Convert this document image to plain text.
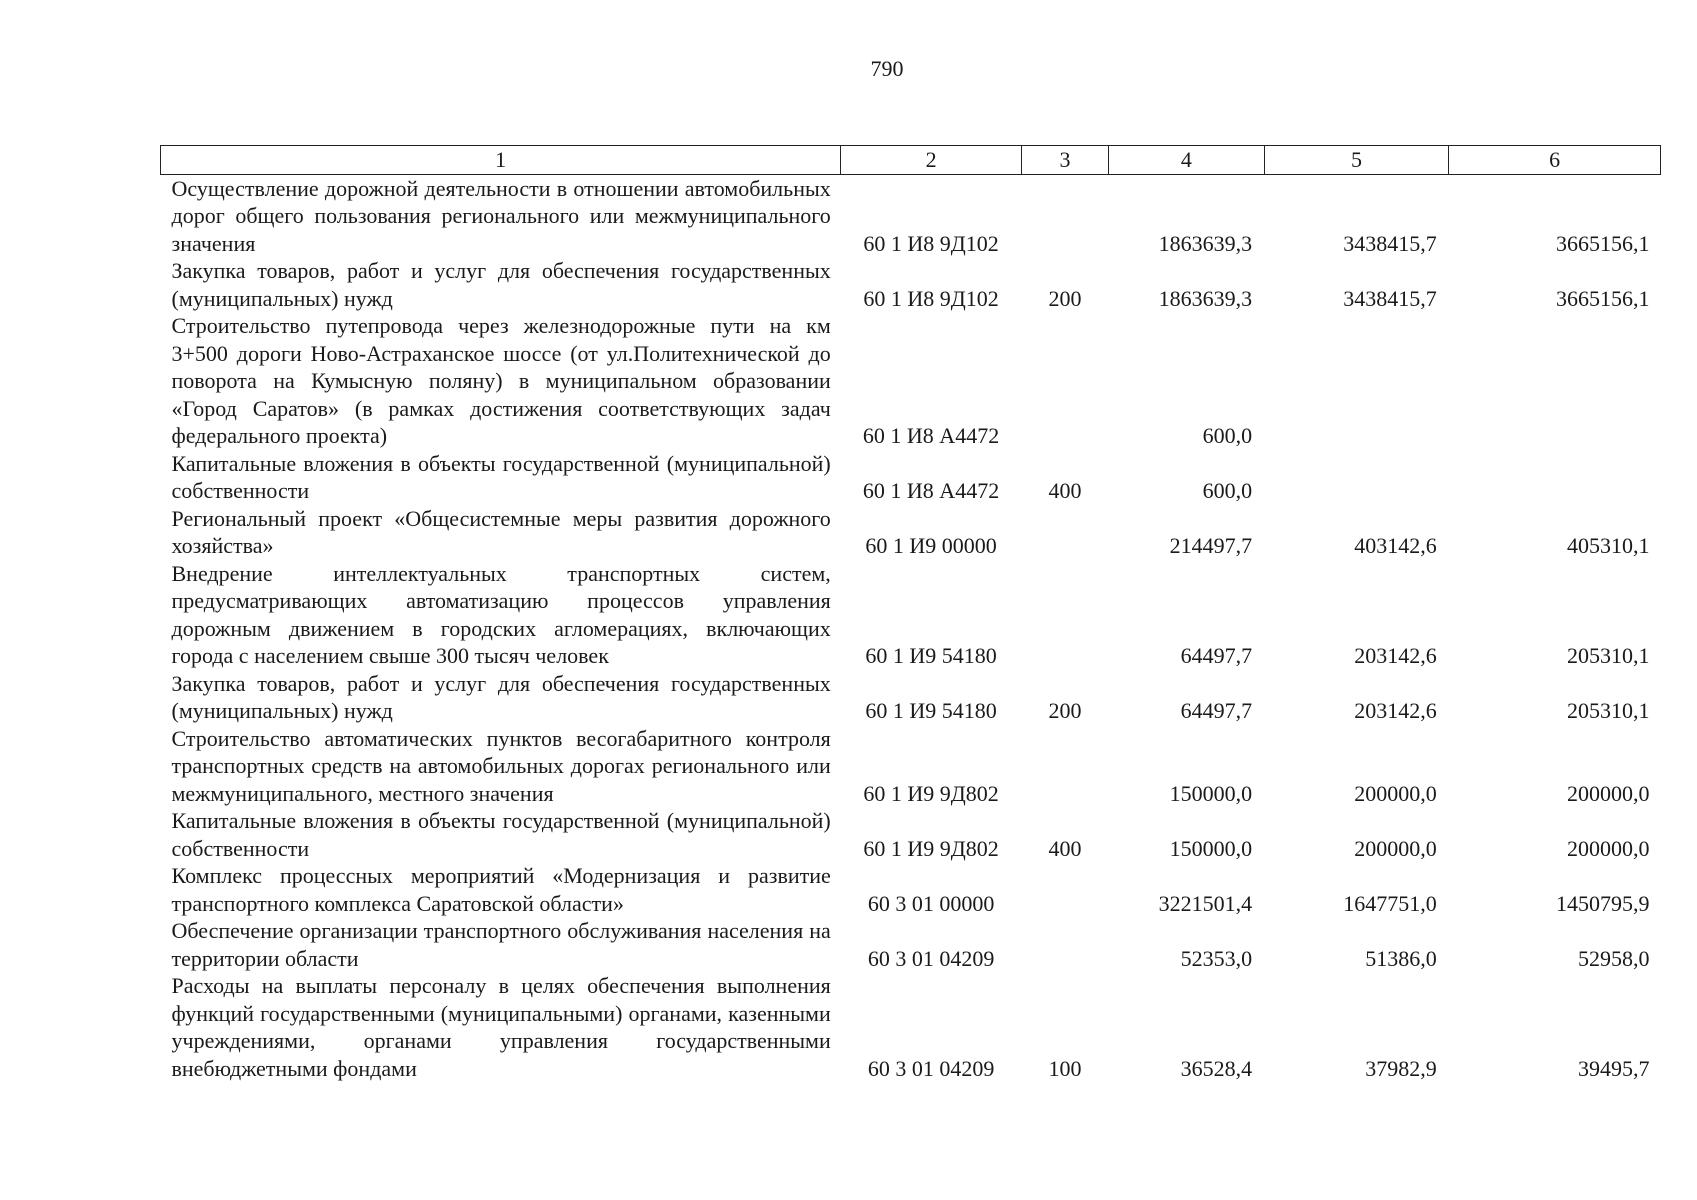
790
1	2	3	4	5	6
Осуществление дорожной деятельности в отношении автомобильных дорог общего пользования регионального или межмуниципального значения	60 1 И8 9Д102		1863639,3	3438415,7	3665156,1
Закупка товаров, работ и услуг для обеспечения государственных (муниципальных) нужд	60 1 И8 9Д102	200	1863639,3	3438415,7	3665156,1
Строительство путепровода через железнодорожные пути на км 3+500 дороги Ново-Астраханское шоссе (от ул.Политехнической до поворота на Кумысную поляну) в муниципальном образовании «Город Саратов» (в рамках достижения соответствующих задач федерального проекта)	60 1 И8 А4472		600,0		
Капитальные вложения в объекты государственной (муниципальной) собственности	60 1 И8 А4472	400	600,0		
Региональный проект «Общесистемные меры развития дорожного хозяйства»	60 1 И9 00000		214497,7	403142,6	405310,1
Внедрение интеллектуальных транспортных систем, предусматривающих автоматизацию процессов управления дорожным движением в городских агломерациях, включающих города с населением свыше 300 тысяч человек	60 1 И9 54180		64497,7	203142,6	205310,1
Закупка товаров, работ и услуг для обеспечения государственных (муниципальных) нужд	60 1 И9 54180	200	64497,7	203142,6	205310,1
Строительство автоматических пунктов весогабаритного контроля транспортных средств на автомобильных дорогах регионального или межмуниципального, местного значения	60 1 И9 9Д802		150000,0	200000,0	200000,0
Капитальные вложения в объекты государственной (муниципальной) собственности	60 1 И9 9Д802	400	150000,0	200000,0	200000,0
Комплекс процессных мероприятий «Модернизация и развитие транспортного комплекса Саратовской области»	60 3 01 00000		3221501,4	1647751,0	1450795,9
Обеспечение организации транспортного обслуживания населения на территории области	60 3 01 04209		52353,0	51386,0	52958,0
Расходы на выплаты персоналу в целях обеспечения выполнения функций государственными (муниципальными) органами, казенными учреждениями, органами управления государственными внебюджетными фондами	60 3 01 04209	100	36528,4	37982,9	39495,7
